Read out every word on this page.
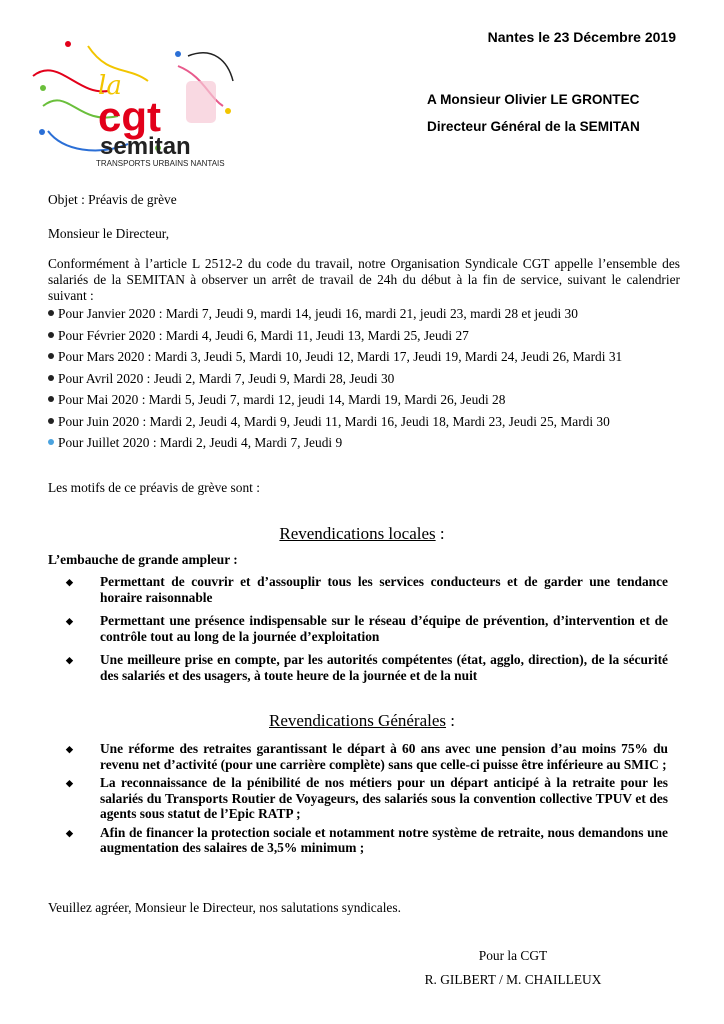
Nantes le 23 Décembre 2019
A Monsieur Olivier LE GRONTEC
Directeur Général de la SEMITAN
la
cgt
semitan
TRANSPORTS URBAINS NANTAIS
Objet : Préavis de grève
Monsieur le Directeur,
Conformément à l’article L 2512-2 du code du travail, notre Organisation Syndicale CGT appelle l’ensemble des salariés de la SEMITAN à observer un arrêt de travail de 24h du début à la fin de service, suivant le calendrier suivant :
Pour Janvier 2020 : Mardi 7, Jeudi 9, mardi 14, jeudi 16, mardi 21, jeudi 23, mardi 28 et jeudi 30
Pour Février 2020 : Mardi 4, Jeudi 6, Mardi 11, Jeudi 13, Mardi 25, Jeudi 27
Pour Mars 2020 : Mardi 3, Jeudi 5, Mardi 10, Jeudi 12, Mardi 17, Jeudi 19, Mardi 24, Jeudi 26, Mardi 31
Pour Avril 2020 : Jeudi 2, Mardi 7, Jeudi 9, Mardi 28, Jeudi 30
Pour Mai 2020 : Mardi 5, Jeudi 7, mardi 12, jeudi 14, Mardi 19, Mardi 26, Jeudi 28
Pour Juin 2020 : Mardi 2, Jeudi 4, Mardi 9, Jeudi 11, Mardi 16, Jeudi 18, Mardi 23, Jeudi 25, Mardi 30
Pour Juillet 2020 : Mardi 2, Jeudi 4, Mardi 7, Jeudi 9
Les motifs de ce préavis de grève sont :
Revendications locales :
L’embauche de grande ampleur :
◆ Permettant de couvrir et d’assouplir tous les services conducteurs et de garder une tendance horaire raisonnable
◆ Permettant une présence indispensable sur le réseau d’équipe de prévention, d’intervention et de contrôle tout au long de la journée d’exploitation
◆ Une meilleure prise en compte, par les autorités compétentes (état, agglo, direction), de la sécurité des salariés et des usagers, à toute heure de la journée et de la nuit
Revendications Générales :
◆ Une réforme des retraites garantissant le départ à 60 ans avec une pension d’au moins 75% du revenu net d’activité (pour une carrière complète) sans que celle-ci puisse être inférieure au SMIC ;
◆ La reconnaissance de la pénibilité de nos métiers pour un départ anticipé à la retraite pour les salariés du Transports Routier de Voyageurs, des salariés sous la convention collective TPUV et des agents sous statut de l’Epic RATP ;
◆ Afin de financer la protection sociale et notamment notre système de retraite, nous demandons une augmentation des salaires de 3,5% minimum ;
Veuillez agréer, Monsieur le Directeur, nos salutations syndicales.
Pour la CGT
R. GILBERT / M. CHAILLEUX
